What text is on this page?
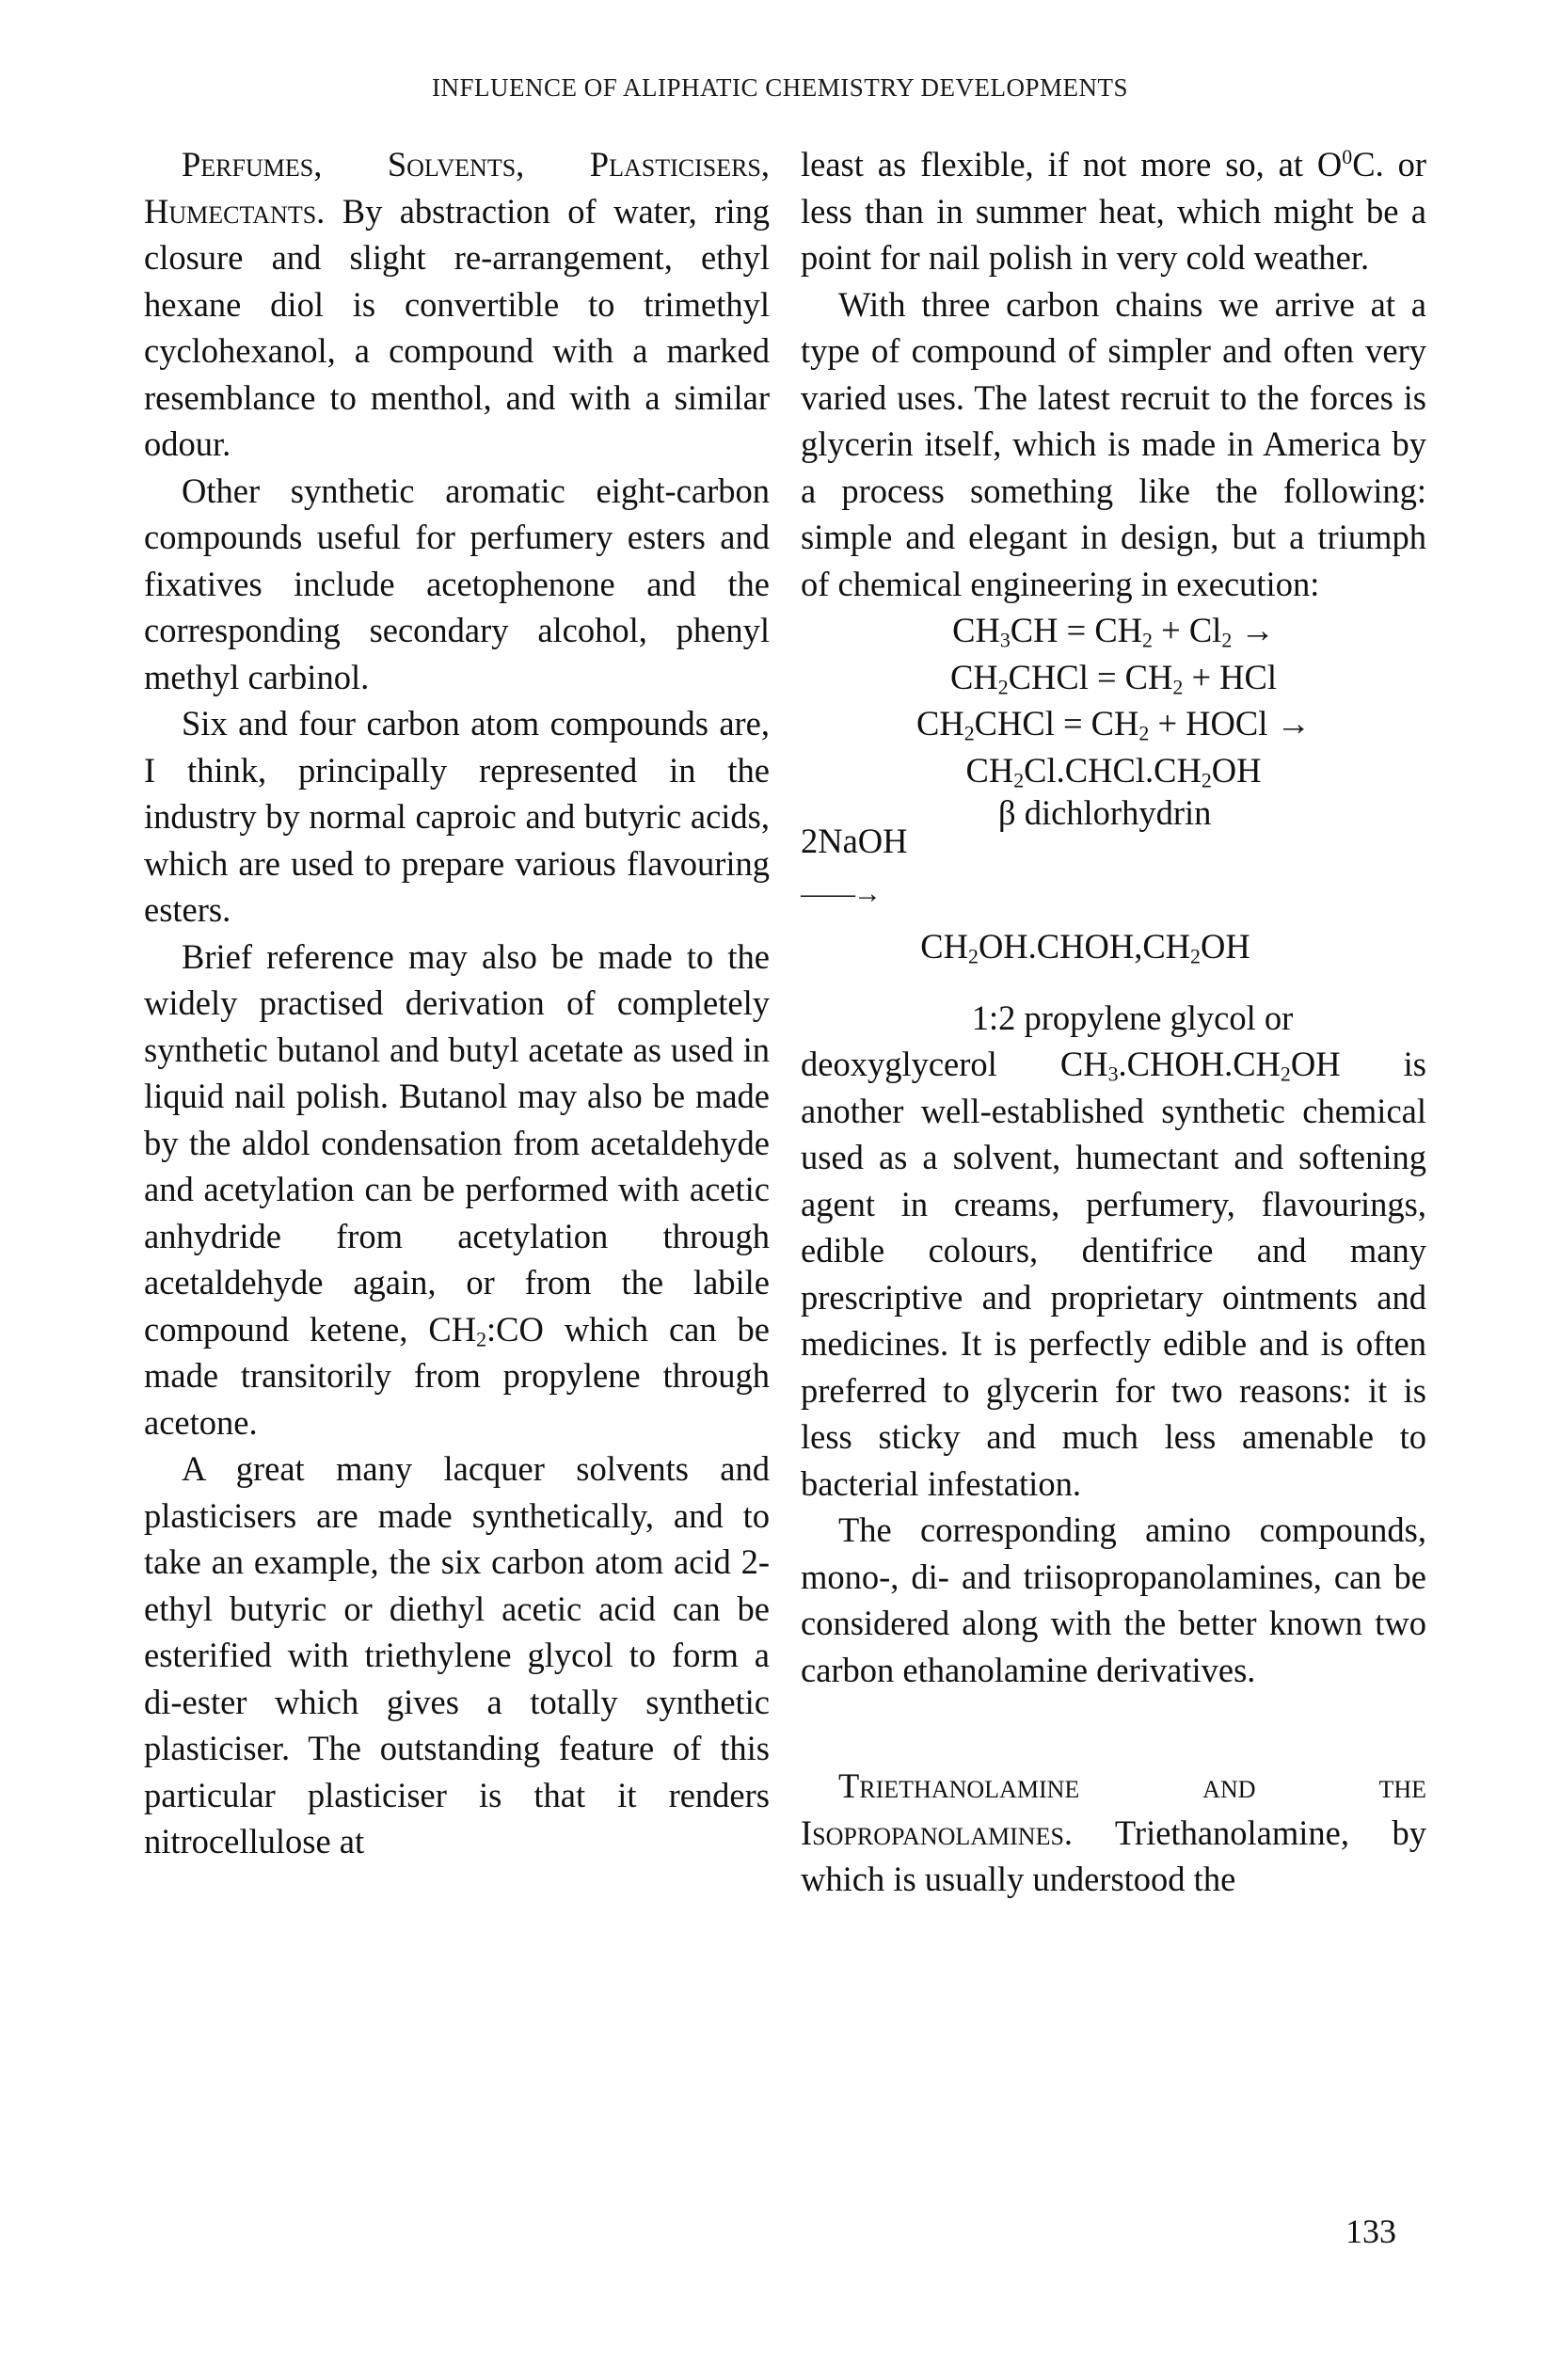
INFLUENCE OF ALIPHATIC CHEMISTRY DEVELOPMENTS

Perfumes, Solvents, Plasticisers, Humectants. By abstraction of water, ring closure and slight re-arrangement, ethyl hexane diol is convertible to trimethyl cyclohexanol, a compound with a marked resemblance to menthol, and with a similar odour.

Other synthetic aromatic eight-carbon compounds useful for perfumery esters and fixatives include acetophenone and the corresponding secondary alcohol, phenyl methyl carbinol.

Six and four carbon atom compounds are, I think, principally represented in the industry by normal caproic and butyric acids, which are used to prepare various flavouring esters.

Brief reference may also be made to the widely practised derivation of completely synthetic butanol and butyl acetate as used in liquid nail polish. Butanol may also be made by the aldol condensation from acetaldehyde and acetylation can be performed with acetic anhydride from acetylation through acetaldehyde again, or from the labile compound ketene, $CH_2:CO$ which can be made transitorily from propylene through acetone.

A great many lacquer solvents and plasticisers are made synthetically, and to take an example, the six carbon atom acid 2-ethyl butyric or diethyl acetic acid can be esterified with triethylene glycol to form a di-ester which gives a totally synthetic plasticiser. The outstanding feature of this particular plasticiser is that it renders nitrocellulose at

least as flexible, if not more so, at $O^0C$. or less than in summer heat, which might be a point for nail polish in very cold weather.

With three carbon chains we arrive at a type of compound of simpler and often very varied uses. The latest recruit to the forces is glycerin itself, which is made in America by a process something like the following: simple and elegant in design, but a triumph of chemical engineering in execution:

$CH_3CH = CH_2 + Cl_2$ →
$CH_2CHCl = CH_2$ + HCl
$CH_2CHCl = CH_2$ + HOCl →
$CH_2Cl.CHCl.CH_2OH$
β dichlorhydrin
2NaOH
——→
$CH_2OH.CHOH,CH_2OH$

1:2 propylene glycol or

deoxyglycerol $CH_3.CHOH.CH_2OH$ is another well-established synthetic chemical used as a solvent, humectant and softening agent in creams, perfumery, flavourings, edible colours, dentifrice and many prescriptive and proprietary ointments and medicines. It is perfectly edible and is often preferred to glycerin for two reasons: it is less sticky and much less amenable to bacterial infestation.

The corresponding amino compounds, mono-, di- and triisopropanolamines, can be considered along with the better known two carbon ethanolamine derivatives.

Triethanolamine and the Isopropanolamines. Triethanolamine, by which is usually understood the

133
